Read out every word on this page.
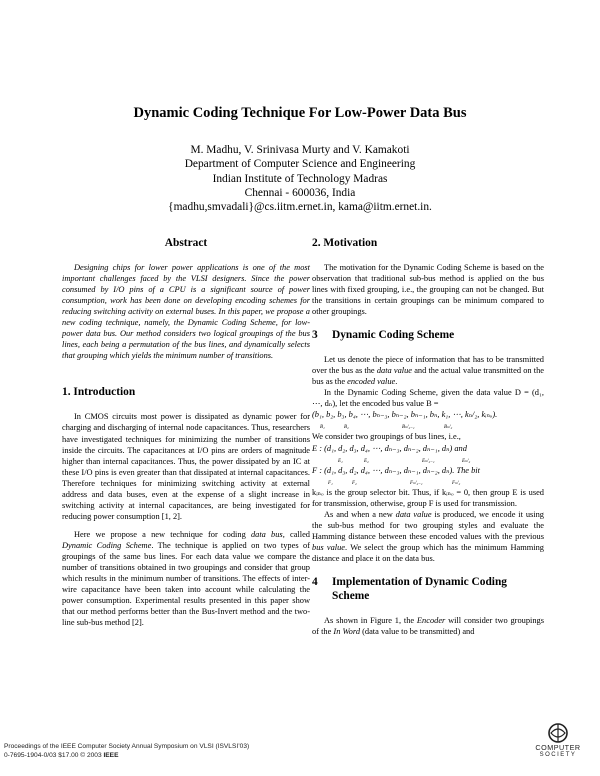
Dynamic Coding Technique For Low-Power Data Bus
M. Madhu, V. Srinivasa Murty and V. Kamakoti
Department of Computer Science and Engineering
Indian Institute of Technology Madras
Chennai - 600036, India
{madhu,smvadali}@cs.iitm.ernet.in, kama@iitm.ernet.in.
Abstract

Designing chips for lower power applications is one of the most important challenges faced by the VLSI designers. Since the power consumed by I/O pins of a CPU is a significant source of power consumption, work has been done on developing encoding schemes for reducing switching activity on external buses. In this paper, we propose a new coding technique, namely, the Dynamic Coding Scheme, for low-power data bus. Our method considers two logical groupings of the bus lines, each being a permutation of the bus lines, and dynamically selects that grouping which yields the minimum number of transitions.

1. Introduction

In CMOS circuits most power is dissipated as dynamic power for charging and discharging of internal node capacitances. Thus, researchers have investigated techniques for minimizing the number of transitions inside the circuits. The capacitances at I/O pins are orders of magnitude higher than internal capacitances. Thus, the power dissipated by an IC at these I/O pins is even greater than that dissipated at internal capacitances. Therefore techniques for minimizing switching activity at external address and data buses, even at the expense of a slight increase in switching activity at internal capacitances, are being investigated for reducing power consumption [1, 2].

Here we propose a new technique for coding data bus, called Dynamic Coding Scheme. The technique is applied on two types of groupings of the same bus lines. For each data value we compare the number of transitions obtained in two groupings and consider that group which results in the minimum number of transitions. The effects of inter-wire capacitance have been taken into account while calculating the power consumption. Experimental results presented in this paper show that our method performs better than the Bus-Invert method and the two-line sub-bus method [2].

2. Motivation

The motivation for the Dynamic Coding Scheme is based on the observation that traditional sub-bus method is applied on the bus lines with fixed grouping, i.e., the grouping can not be changed. But the transitions in certain groupings can be minimum compared to other groupings.

3	Dynamic Coding Scheme

Let us denote the piece of information that has to be transmitted over the bus as the data value and the actual value transmitted on the bus as the encoded value.

In the Dynamic Coding Scheme, given the data value D = (d₁, ⋯, dₙ), let the encoded bus value B =

(b₁, b₂, b₃, b₄, ⋯, bₙ₋₃, bₙ₋₂, bₙ₋₁, bₙ, k₁, ⋯, kₙ/₂, kᵢₙₒ).
B₁	B₂	Bₙ/₂₋₁	Bₙ/₂

We consider two groupings of bus lines, i.e.,

E : (d₁, d₂, d₃, d₄, ⋯, dₙ₋₃, dₙ₋₂, dₙ₋₁, dₙ) and
E₁	E₂	Eₙ/₂₋₁	Eₙ/₂
F : (d₁, d₃, d₂, d₄, ⋯, dₙ₋₃, dₙ₋₁, dₙ₋₂, dₙ). The bit
F₁	F₂	Fₙ/₂₋₁	Fₙ/₂

kᵢₙₒ is the group selector bit. Thus, if kᵢₙₒ = 0, then group E is used for transmission, otherwise, group F is used for transmission.

As and when a new data value is produced, we encode it using the sub-bus method for two grouping styles and evaluate the Hamming distance between these encoded values with the previous bus value. We select the group which has the minimum Hamming distance and place it on the data bus.

4	Implementation of Dynamic Coding Scheme

As shown in Figure 1, the Encoder will consider two groupings of the In Word (data value to be transmitted) and

Proceedings of the IEEE Computer Society Annual Symposium on VLSI (ISVLSI’03)
0-7695-1904-0/03 $17.00 © 2003 IEEE
COMPUTER
SOCIETY
